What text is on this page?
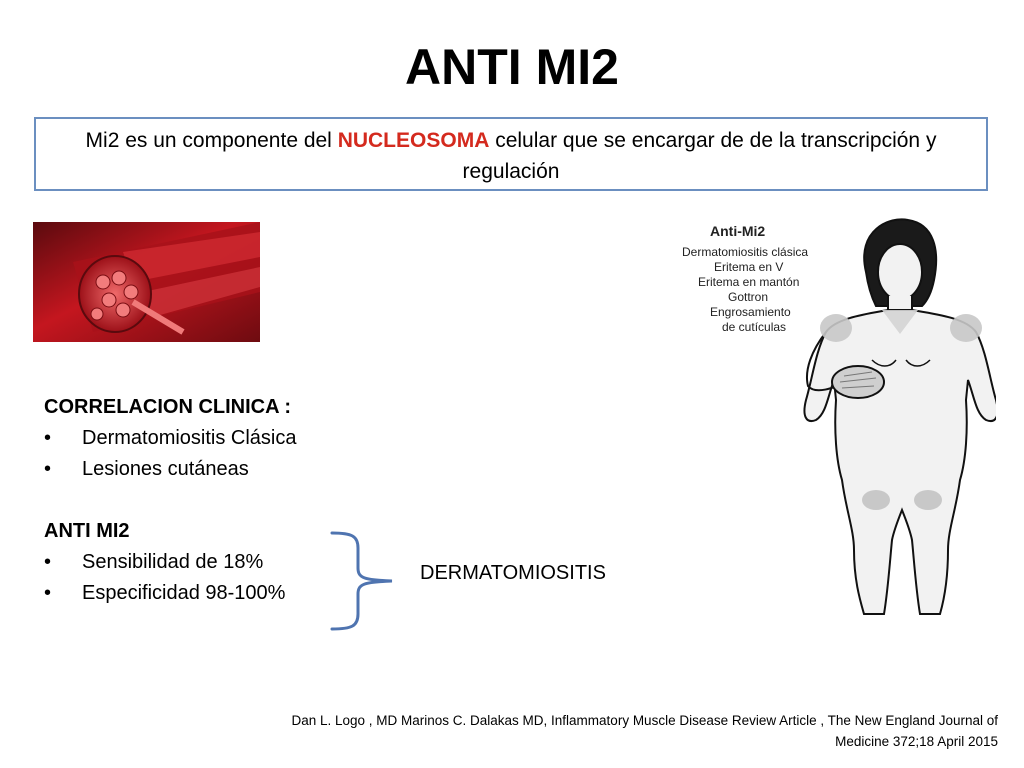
ANTI MI2
Mi2 es un componente del NUCLEOSOMA celular que se encargar de de la transcripción y regulación
CORRELACION CLINICA :
• Dermatomiositis Clásica
• Lesiones cutáneas
ANTI MI2
• Sensibilidad de 18%
• Especificidad 98-100%
DERMATOMIOSITIS
Anti-Mi2
Dermatomiositis clásica
Eritema en V
Eritema en mantón
Gottron
Engrosamiento
de cutículas
Dan L. Logo , MD Marinos C. Dalakas MD, Inflammatory Muscle Disease Review Article , The New England Journal of
Medicine 372;18 April 2015
